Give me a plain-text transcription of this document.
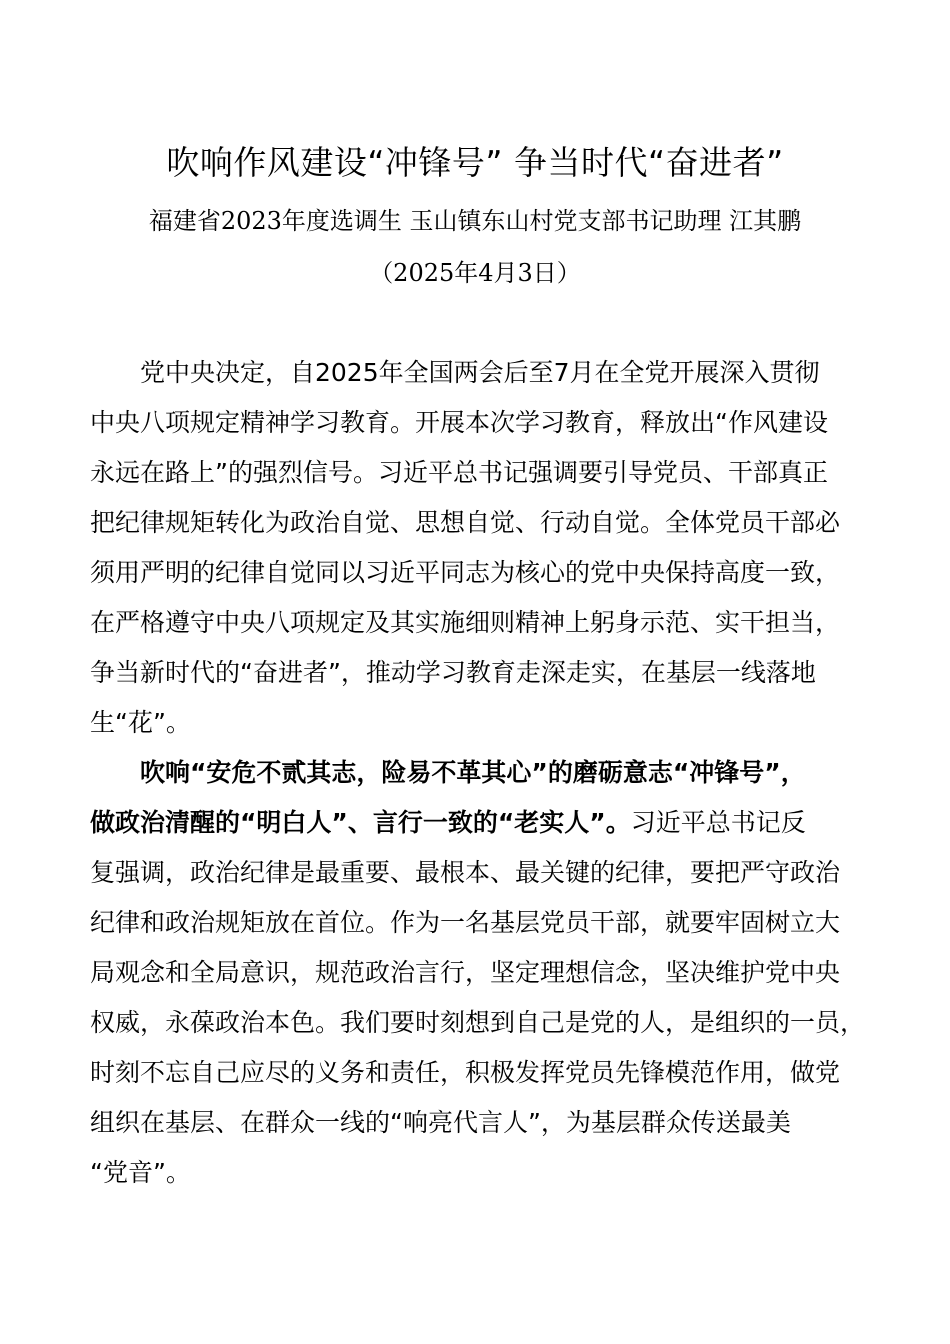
吹响作风建设“冲锋号” 争当时代“奋进者”
福建省2023年度选调生 玉山镇东山村党支部书记助理 江其鹏
（2025年4月3日）
党中央决定，自2025年全国两会后至7月在全党开展深入贯彻
中央八项规定精神学习教育。开展本次学习教育，释放出“作风建设
永远在路上”的强烈信号。习近平总书记强调要引导党员、干部真正
把纪律规矩转化为政治自觉、思想自觉、行动自觉。全体党员干部必
须用严明的纪律自觉同以习近平同志为核心的党中央保持高度一致，
在严格遵守中央八项规定及其实施细则精神上躬身示范、实干担当，
争当新时代的“奋进者”，推动学习教育走深走实，在基层一线落地
生“花”。
吹响“安危不贰其志，险易不革其心”的磨砺意志“冲锋号”，
做政治清醒的“明白人”、言行一致的“老实人”。习近平总书记反
复强调，政治纪律是最重要、最根本、最关键的纪律，要把严守政治
纪律和政治规矩放在首位。作为一名基层党员干部，就要牢固树立大
局观念和全局意识，规范政治言行，坚定理想信念，坚决维护党中央
权威，永葆政治本色。我们要时刻想到自己是党的人，是组织的一员，
时刻不忘自己应尽的义务和责任，积极发挥党员先锋模范作用，做党
组织在基层、在群众一线的“响亮代言人”，为基层群众传送最美
“党音”。
